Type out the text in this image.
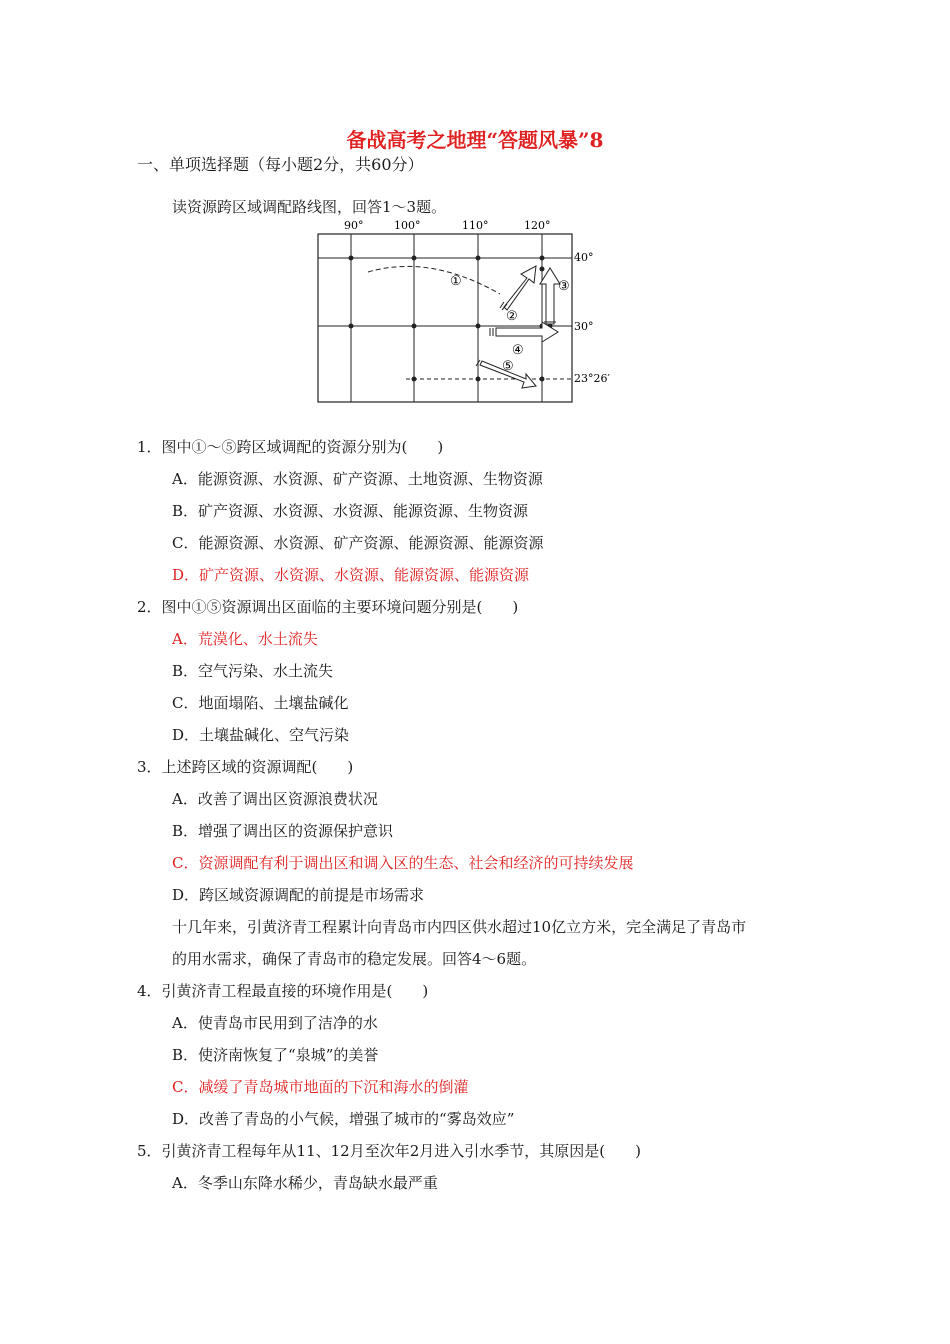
备战高考之地理“答题风暴”8
一、单项选择题（每小题2分，共60分）
读资源跨区域调配路线图，回答1～3题。
90°	100°	110°	120°
40°
30°
23°26′
①
②
③
④
⑤
1．图中①～⑤跨区域调配的资源分别为(　　)
A．能源资源、水资源、矿产资源、土地资源、生物资源
B．矿产资源、水资源、水资源、能源资源、生物资源
C．能源资源、水资源、矿产资源、能源资源、能源资源
D．矿产资源、水资源、水资源、能源资源、能源资源
2．图中①⑤资源调出区面临的主要环境问题分别是(　　)
A．荒漠化、水土流失
B．空气污染、水土流失
C．地面塌陷、土壤盐碱化
D．土壤盐碱化、空气污染
3．上述跨区域的资源调配(　　)
A．改善了调出区资源浪费状况
B．增强了调出区的资源保护意识
C．资源调配有利于调出区和调入区的生态、社会和经济的可持续发展
D．跨区域资源调配的前提是市场需求
十几年来，引黄济青工程累计向青岛市内四区供水超过10亿立方米，完全满足了青岛市
的用水需求，确保了青岛市的稳定发展。回答4～6题。
4．引黄济青工程最直接的环境作用是(　　)
A．使青岛市民用到了洁净的水
B．使济南恢复了“泉城”的美誉
C．减缓了青岛城市地面的下沉和海水的倒灌
D．改善了青岛的小气候，增强了城市的“雾岛效应”
5．引黄济青工程每年从11、12月至次年2月进入引水季节，其原因是(　　)
A．冬季山东降水稀少，青岛缺水最严重
